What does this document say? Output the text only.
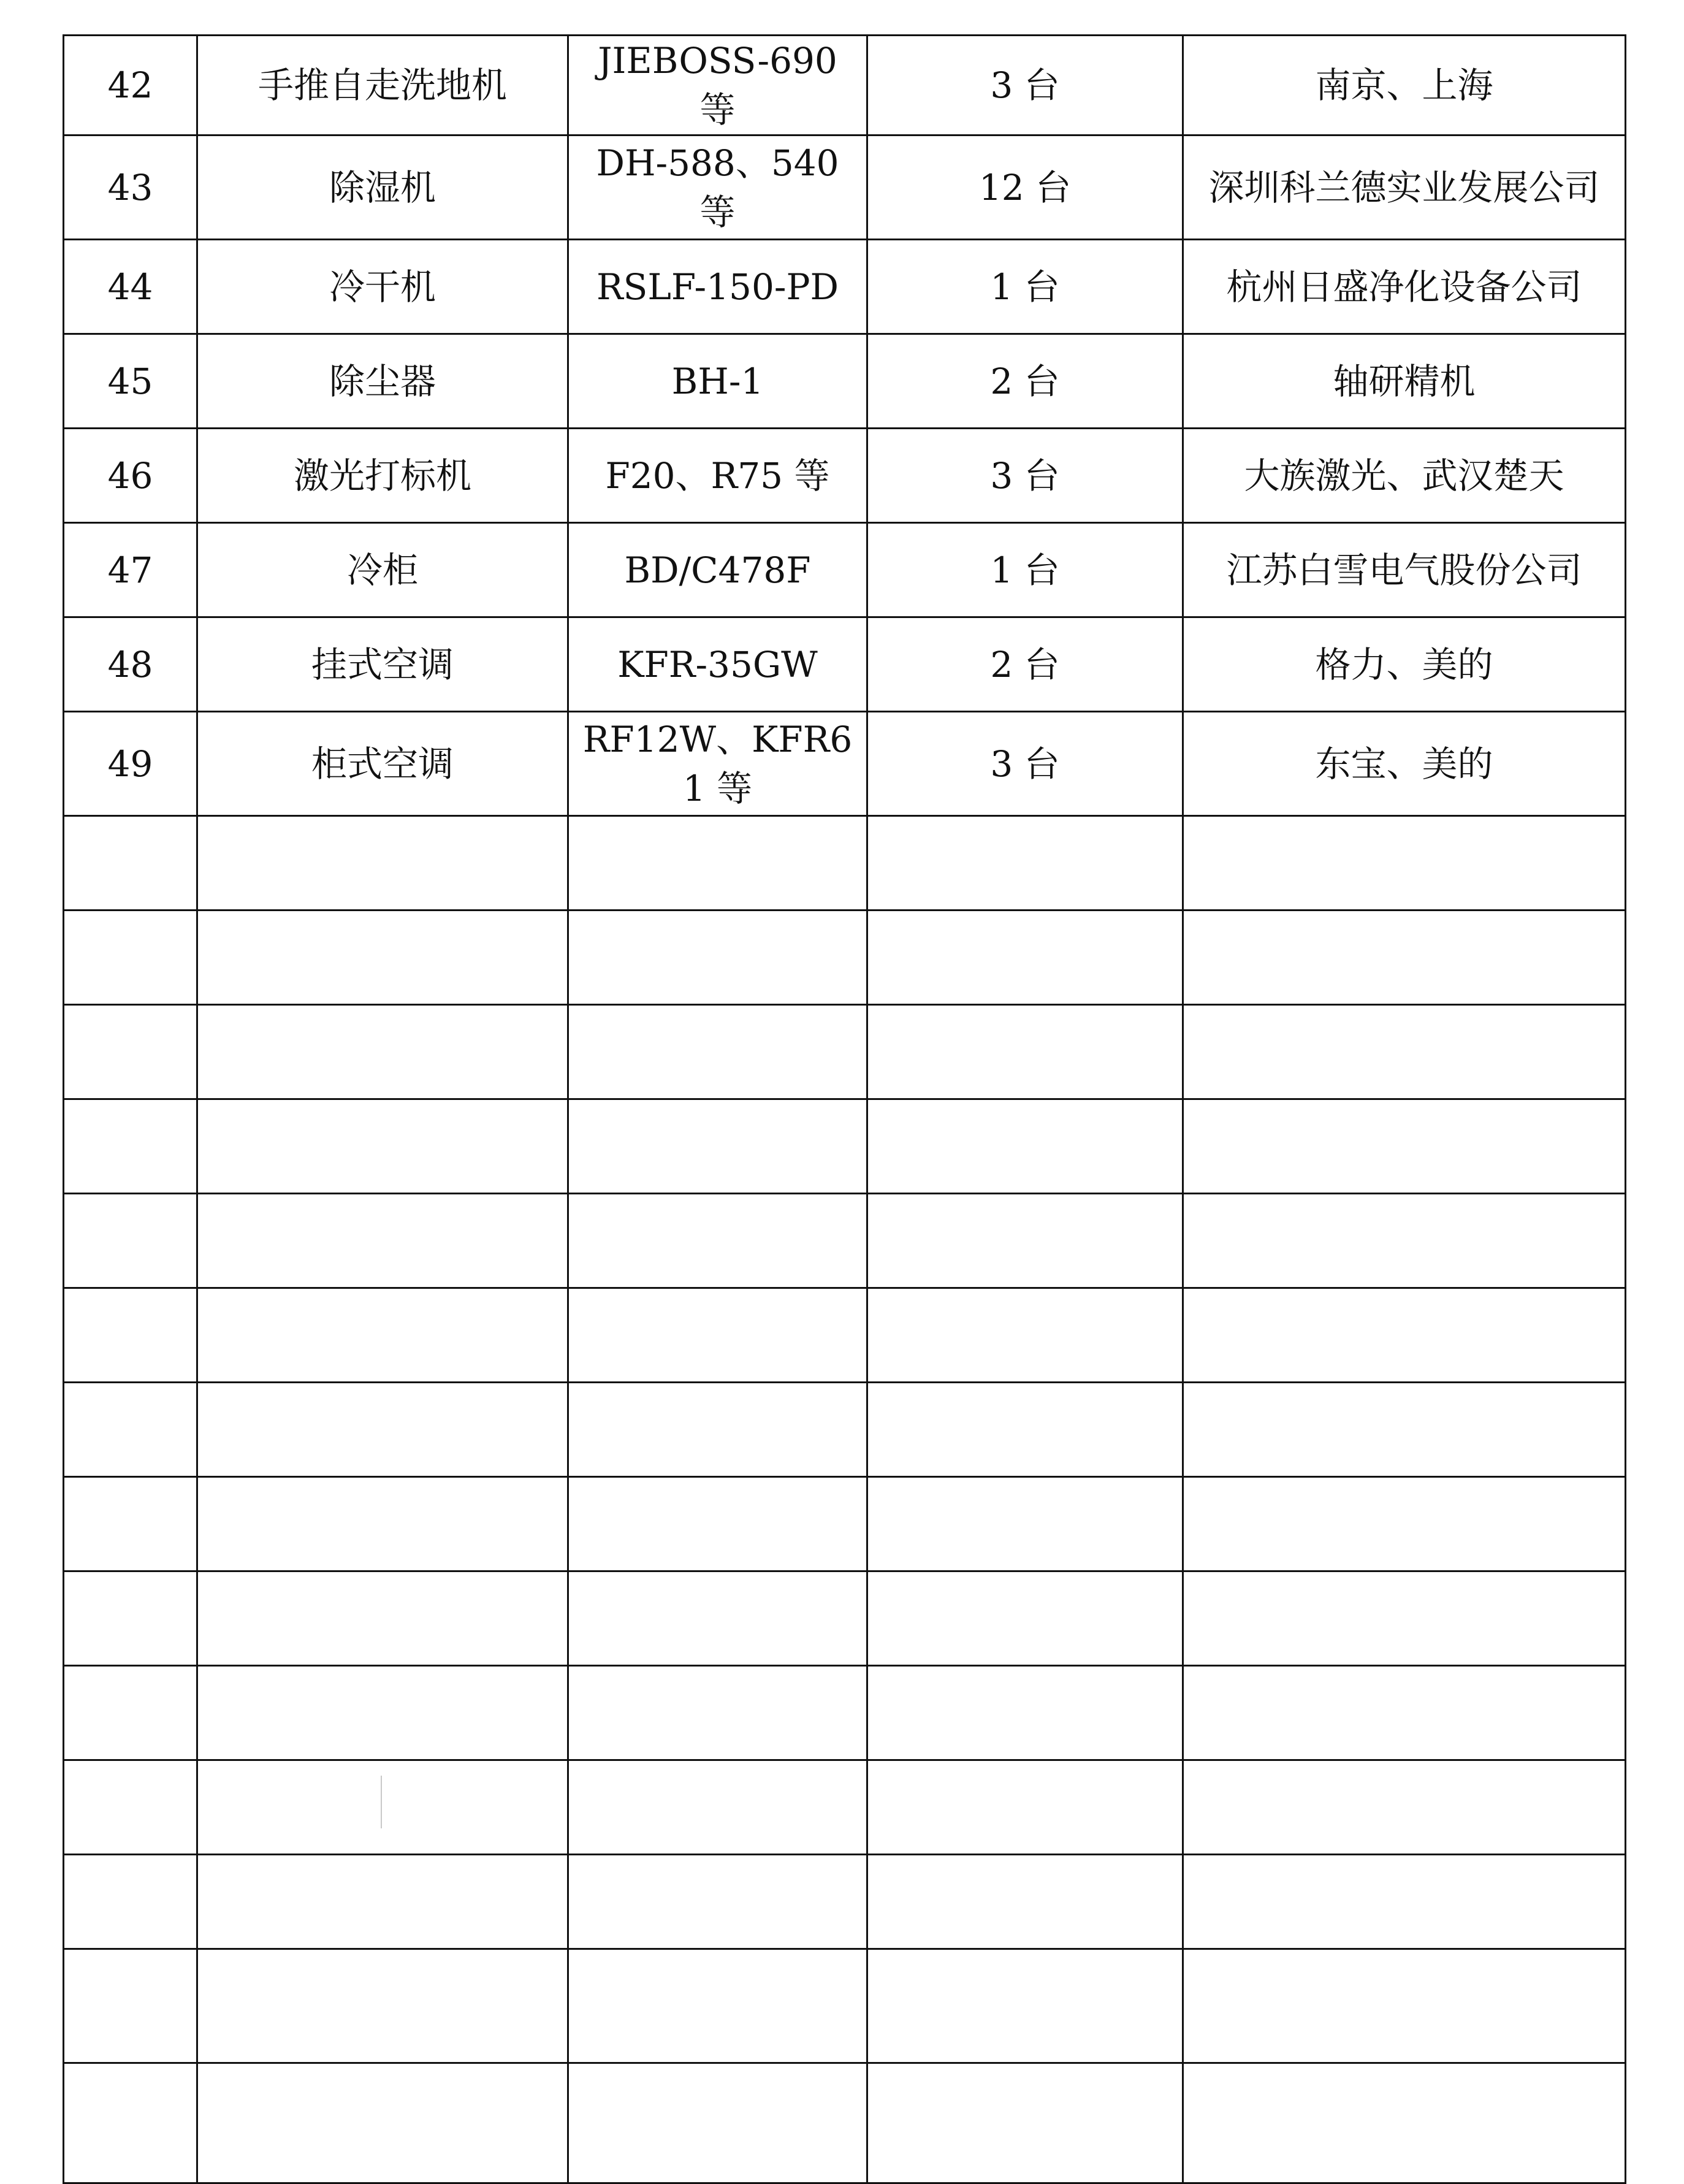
42	手推自走洗地机	JIEBOSS-690 等	3 台	南京、上海
43	除湿机	DH-588、540 等	12 台	深圳科兰德实业发展公司
44	冷干机	RSLF-150-PD	1 台	杭州日盛净化设备公司
45	除尘器	BH-1	2 台	轴研精机
46	激光打标机	F20、R75 等	3 台	大族激光、武汉楚天
47	冷柜	BD/C478F	1 台	江苏白雪电气股份公司
48	挂式空调	KFR-35GW	2 台	格力、美的
49	柜式空调	RF12W、KFR61 等	3 台	东宝、美的
